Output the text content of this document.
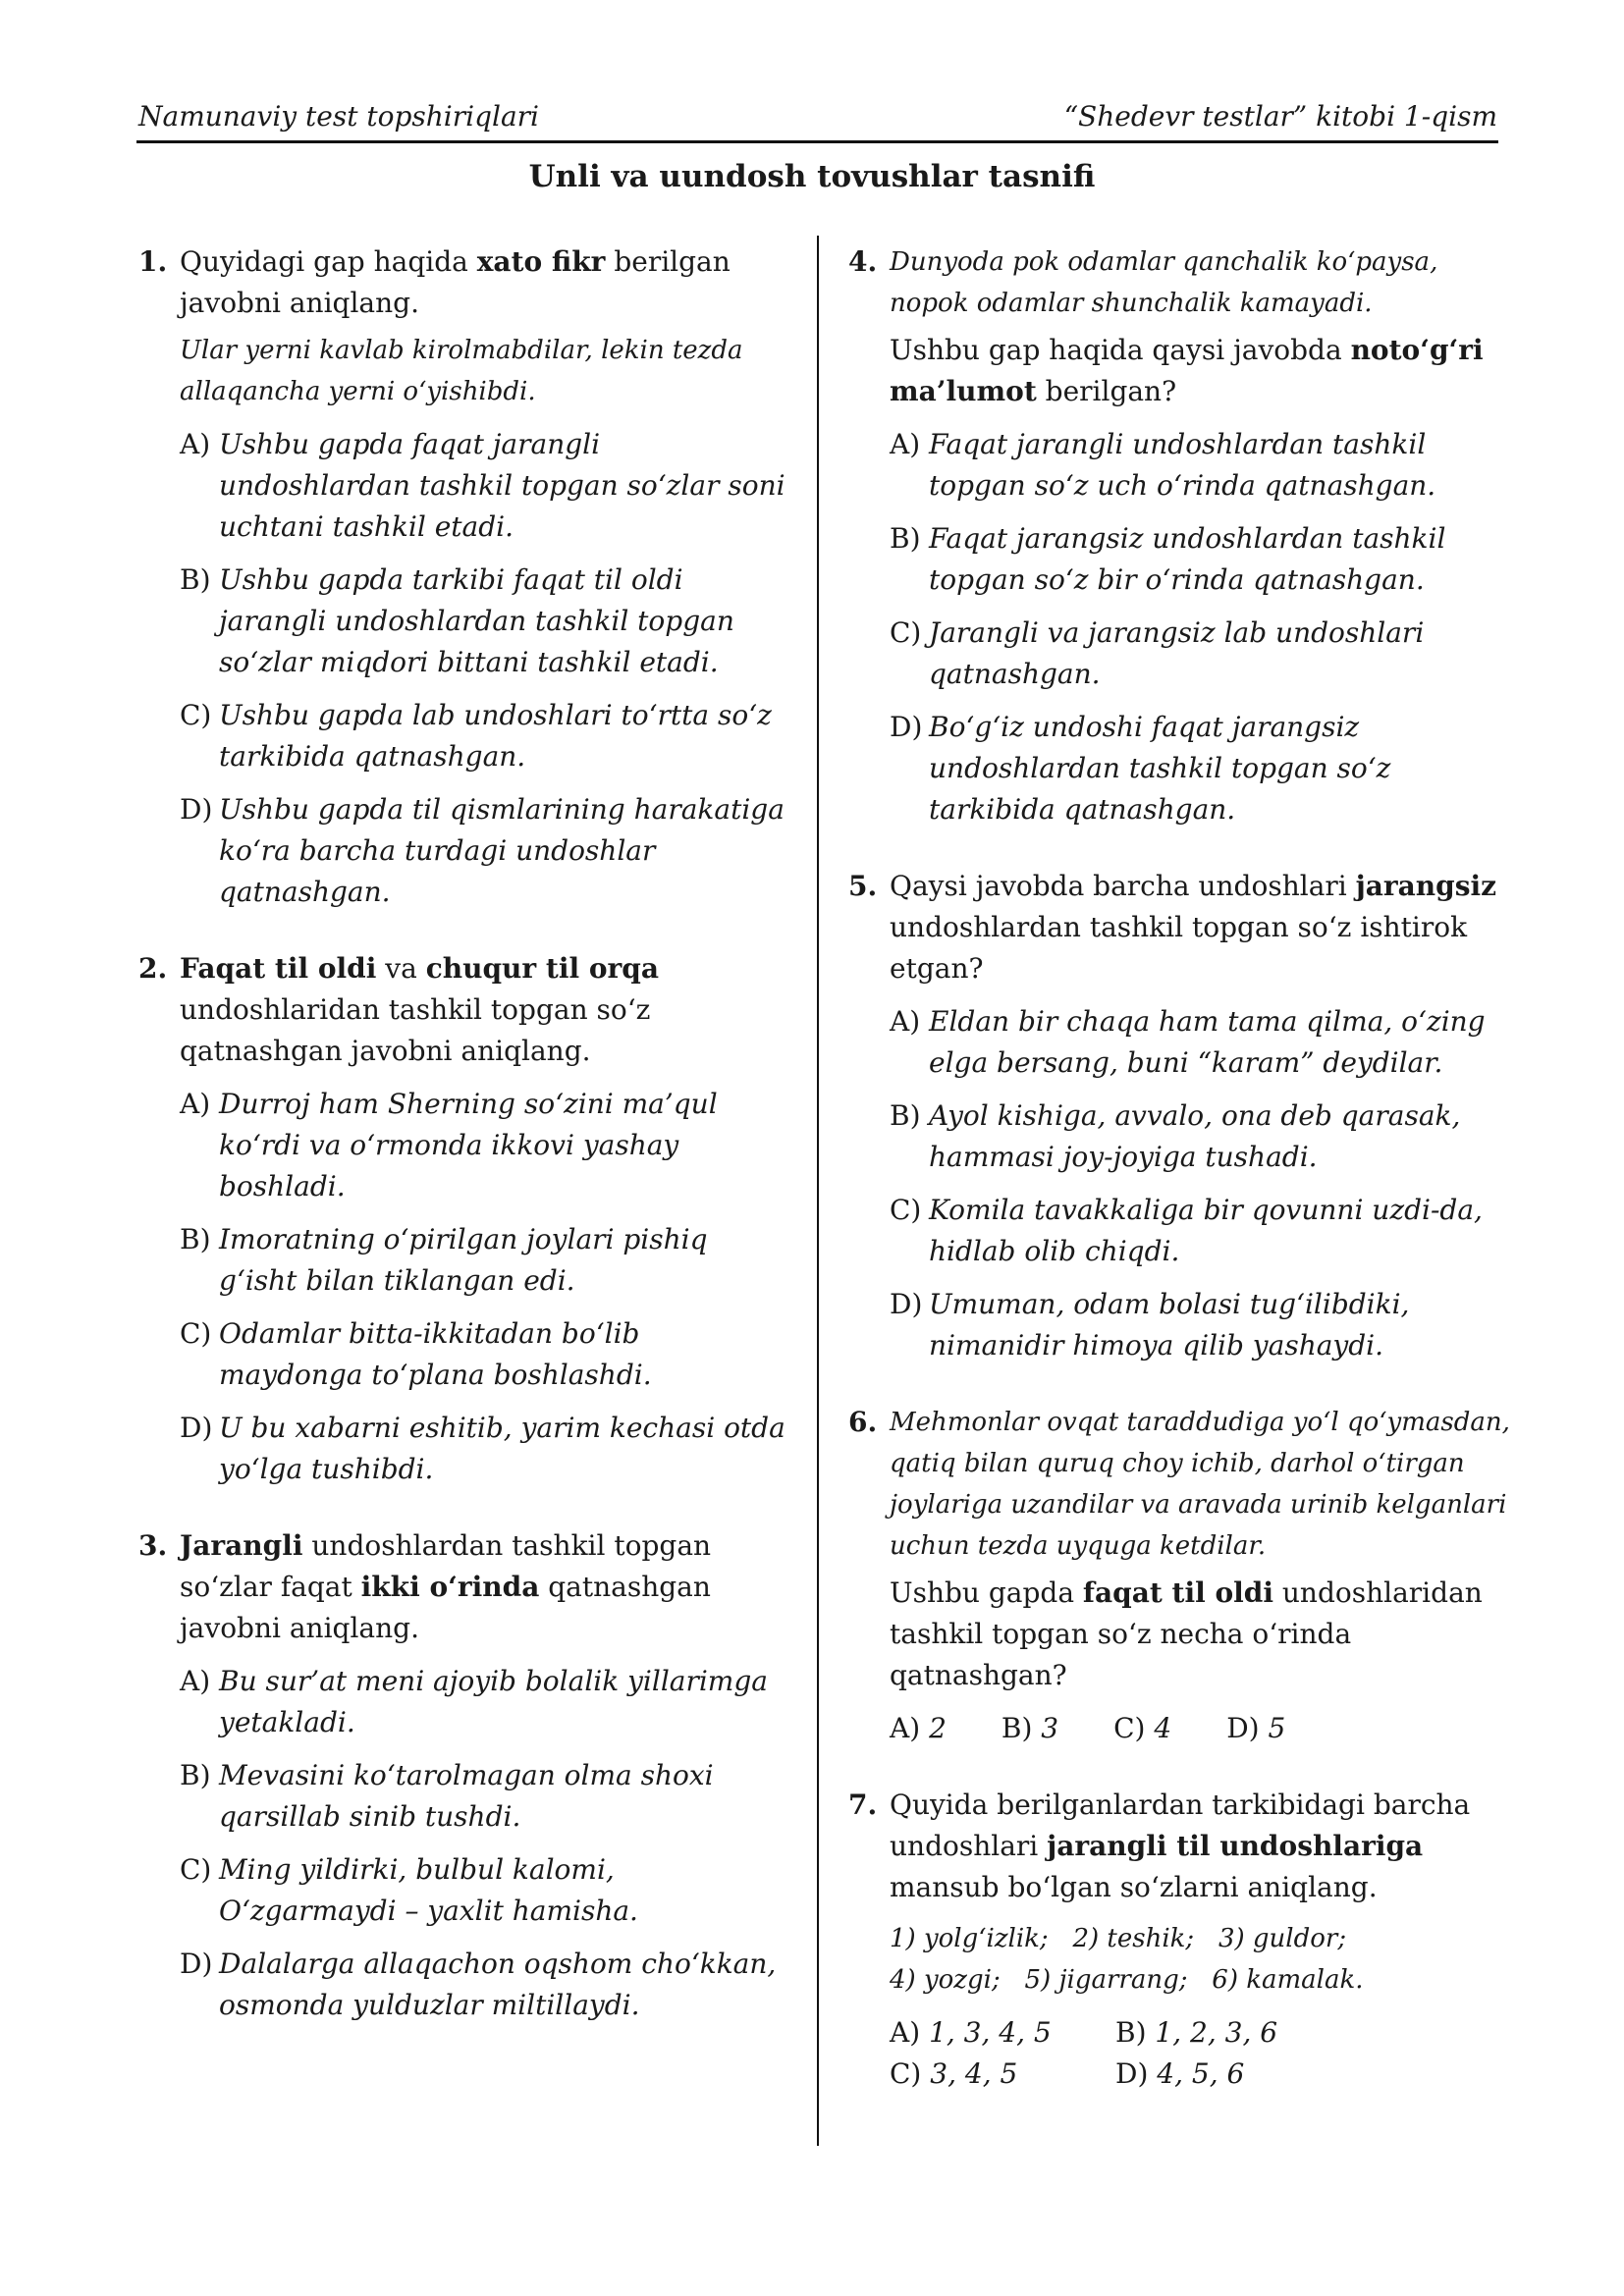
Namunaviy test topshiriqlari	“Shedevr testlar” kitobi 1-qism
Unli va uundosh tovushlar tasnifi
1. Quyidagi gap haqida xato fikr berilgan javobni aniqlang.
Ular yerni kavlab kirolmabdilar, lekin tezda allaqancha yerni o‘yishibdi.
A) Ushbu gapda faqat jarangli undoshlardan tashkil topgan so‘zlar soni uchtani tashkil etadi.
B) Ushbu gapda tarkibi faqat til oldi jarangli undoshlardan tashkil topgan so‘zlar miqdori bittani tashkil etadi.
C) Ushbu gapda lab undoshlari to‘rtta so‘z tarkibida qatnashgan.
D) Ushbu gapda til qismlarining harakatiga ko‘ra barcha turdagi undoshlar qatnashgan.
2. Faqat til oldi va chuqur til orqa undoshlaridan tashkil topgan so‘z qatnashgan javobni aniqlang.
A) Durroj ham Sherning so‘zini ma’qul ko‘rdi va o‘rmonda ikkovi yashay boshladi.
B) Imoratning o‘pirilgan joylari pishiq g‘isht bilan tiklangan edi.
C) Odamlar bitta-ikkitadan bo‘lib maydonga to‘plana boshlashdi.
D) U bu xabarni eshitib, yarim kechasi otda yo‘lga tushibdi.
3. Jarangli undoshlardan tashkil topgan so‘zlar faqat ikki o‘rinda qatnashgan javobni aniqlang.
A) Bu sur’at meni ajoyib bolalik yillarimga yetakladi.
B) Mevasini ko‘tarolmagan olma shoxi qarsillab sinib tushdi.
C) Ming yildirki, bulbul kalomi, O‘zgarmaydi – yaxlit hamisha.
D) Dalalarga allaqachon oqshom cho‘kkan, osmonda yulduzlar miltillaydi.
4. Dunyoda pok odamlar qanchalik ko‘paysa, nopok odamlar shunchalik kamayadi.
Ushbu gap haqida qaysi javobda noto‘g‘ri ma’lumot berilgan?
A) Faqat jarangli undoshlardan tashkil topgan so‘z uch o‘rinda qatnashgan.
B) Faqat jarangsiz undoshlardan tashkil topgan so‘z bir o‘rinda qatnashgan.
C) Jarangli va jarangsiz lab undoshlari qatnashgan.
D) Bo‘g‘iz undoshi faqat jarangsiz undoshlardan tashkil topgan so‘z tarkibida qatnashgan.
5. Qaysi javobda barcha undoshlari jarangsiz undoshlardan tashkil topgan so‘z ishtirok etgan?
A) Eldan bir chaqa ham tama qilma, o‘zing elga bersang, buni “karam” deydilar.
B) Ayol kishiga, avvalo, ona deb qarasak, hammasi joy-joyiga tushadi.
C) Komila tavakkaliga bir qovunni uzdi-da, hidlab olib chiqdi.
D) Umuman, odam bolasi tug‘ilibdiki, nimanidir himoya qilib yashaydi.
6. Mehmonlar ovqat taraddudiga yo‘l qo‘ymasdan, qatiq bilan quruq choy ichib, darhol o‘tirgan joylariga uzandilar va aravada urinib kelganlari uchun tezda uyquga ketdilar.
Ushbu gapda faqat til oldi undoshlaridan tashkil topgan so‘z necha o‘rinda qatnashgan?
A) 2 B) 3 C) 4 D) 5
7. Quyida berilganlardan tarkibidagi barcha undoshlari jarangli til undoshlariga mansub bo‘lgan so‘zlarni aniqlang.
1) yolg‘izlik;   2) teshik;   3) guldor;
4) yozgi;   5) jigarrang;   6) kamalak.
A) 1, 3, 4, 5	B) 1, 2, 3, 6
C) 3, 4, 5	D) 4, 5, 6
